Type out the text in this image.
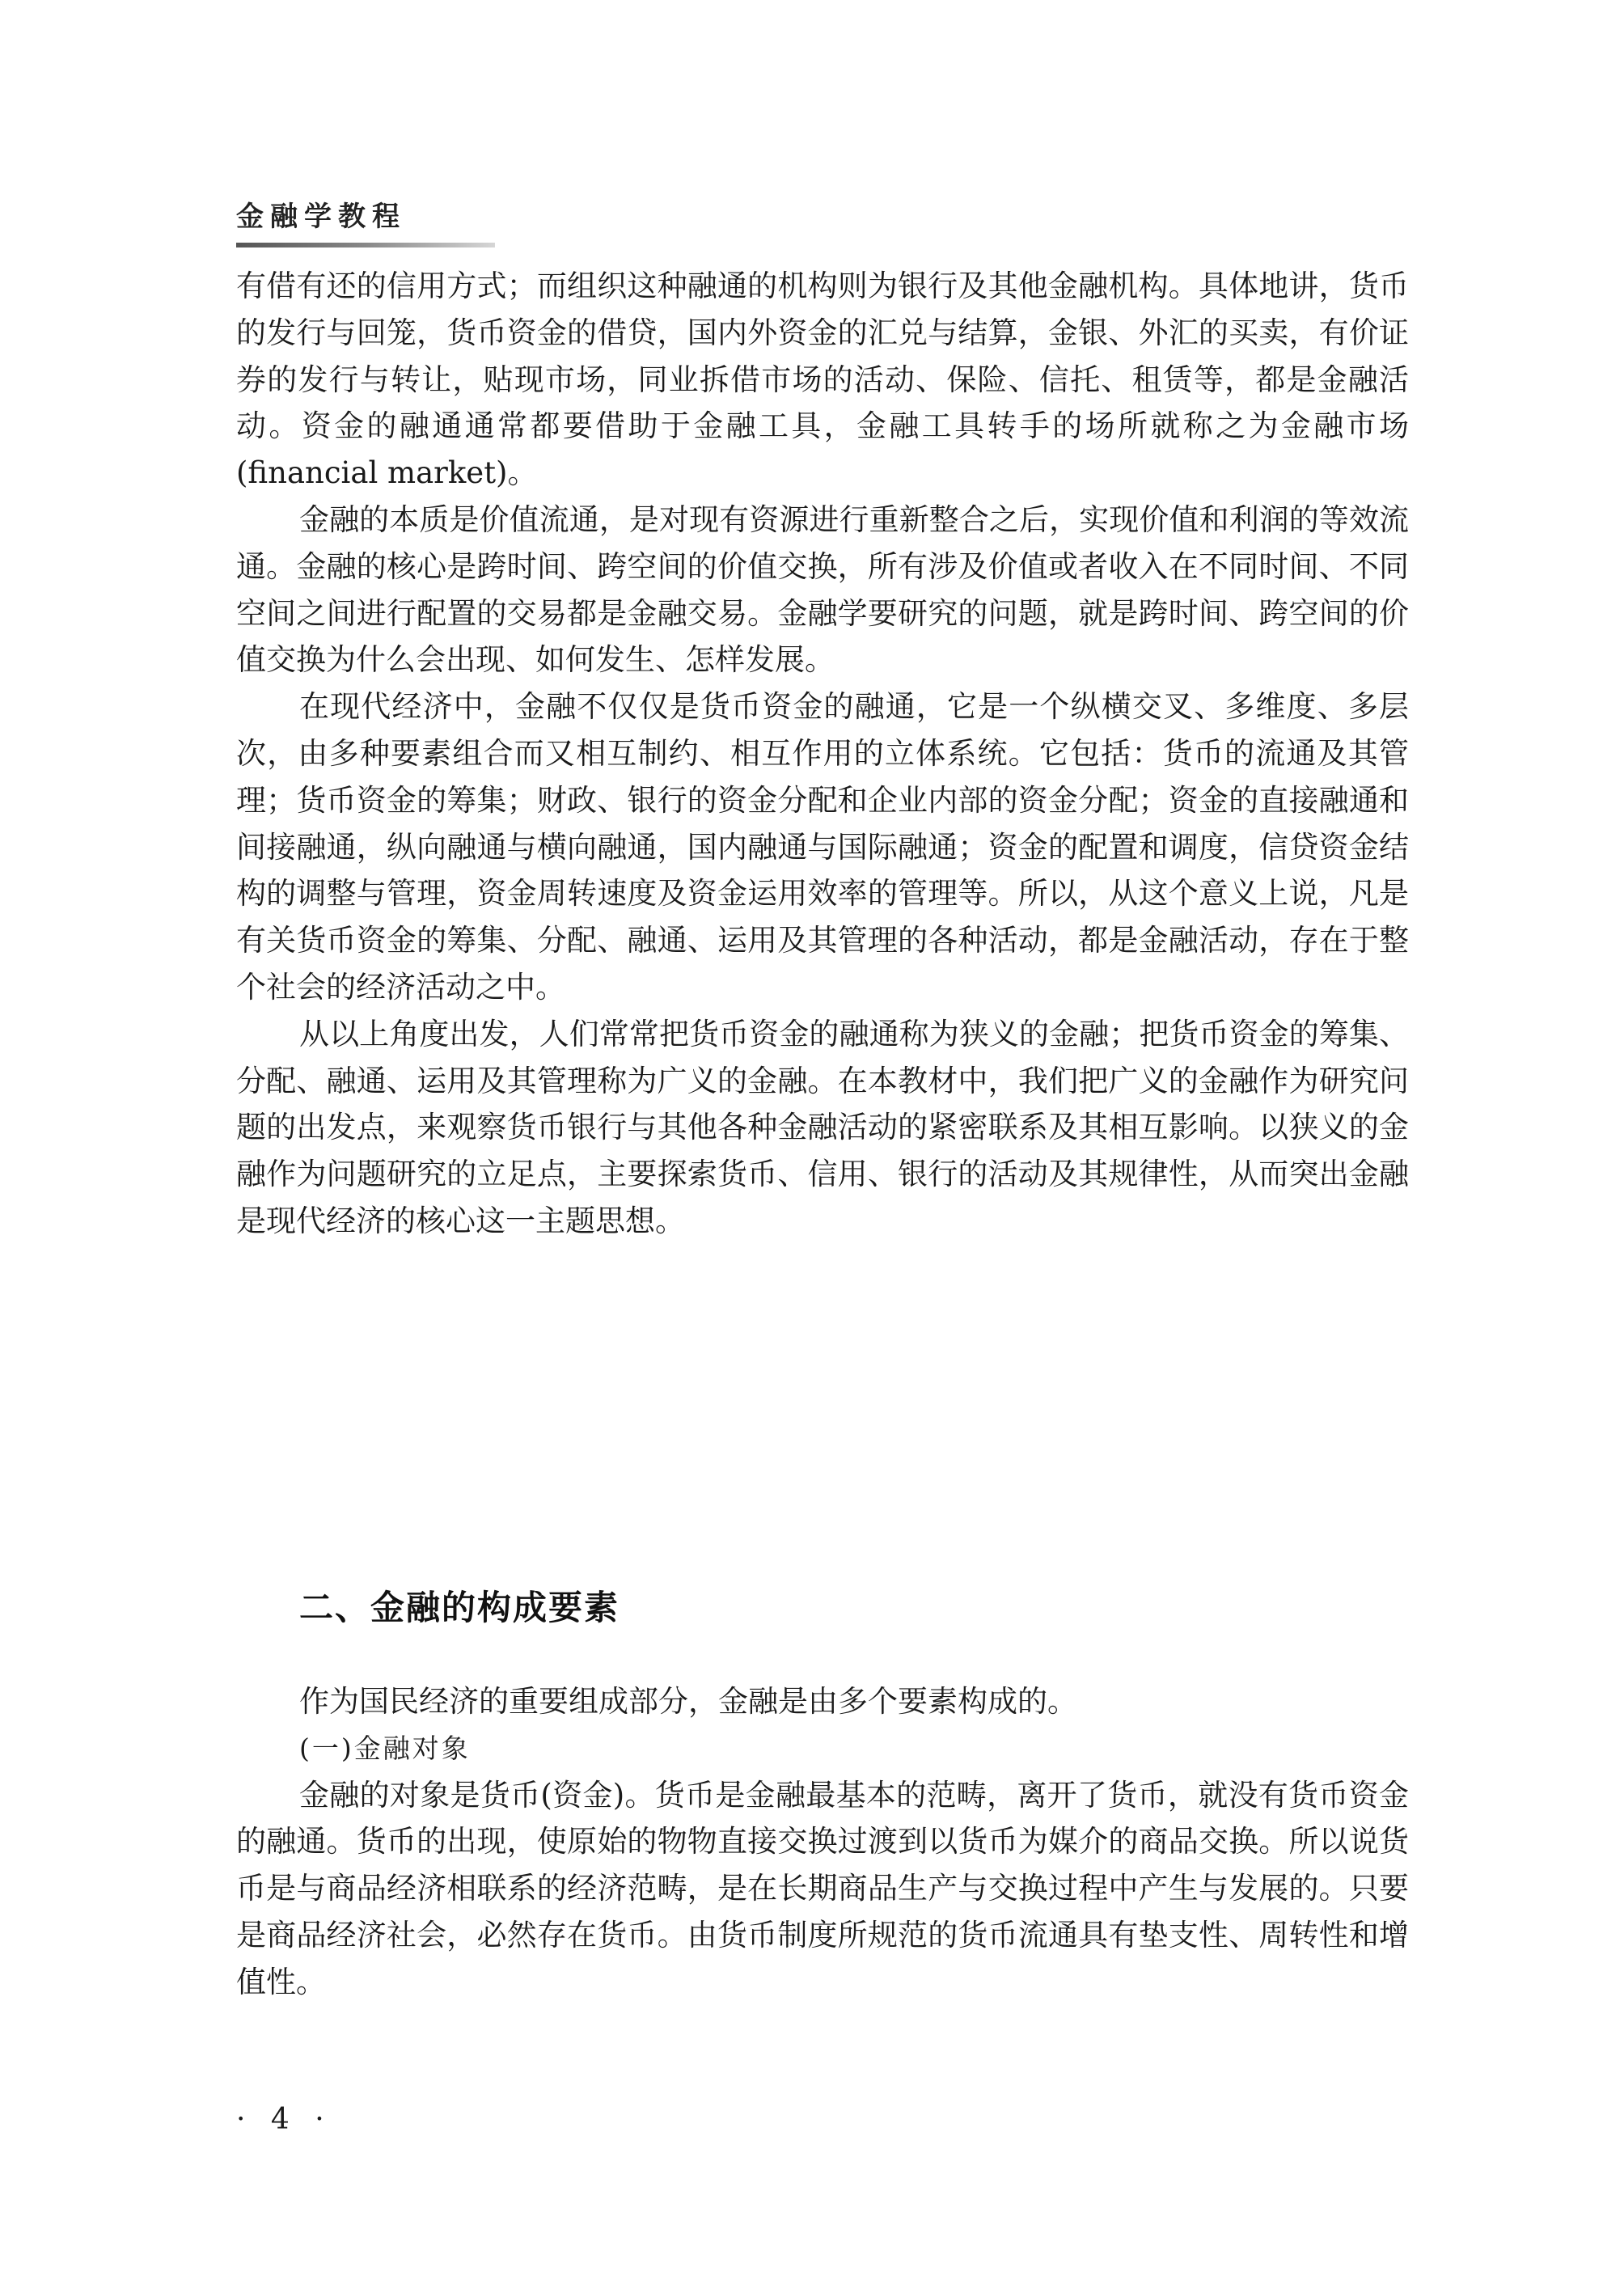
金融学教程

有借有还的信用方式；而组织这种融通的机构则为银行及其他金融机构。具体地讲，货币的发行与回笼，货币资金的借贷，国内外资金的汇兑与结算，金银、外汇的买卖，有价证券的发行与转让，贴现市场，同业拆借市场的活动、保险、信托、租赁等，都是金融活动。资金的融通通常都要借助于金融工具，金融工具转手的场所就称之为金融市场(financial market)。

金融的本质是价值流通，是对现有资源进行重新整合之后，实现价值和利润的等效流通。金融的核心是跨时间、跨空间的价值交换，所有涉及价值或者收入在不同时间、不同空间之间进行配置的交易都是金融交易。金融学要研究的问题，就是跨时间、跨空间的价值交换为什么会出现、如何发生、怎样发展。

在现代经济中，金融不仅仅是货币资金的融通，它是一个纵横交叉、多维度、多层次，由多种要素组合而又相互制约、相互作用的立体系统。它包括：货币的流通及其管理；货币资金的筹集；财政、银行的资金分配和企业内部的资金分配；资金的直接融通和间接融通，纵向融通与横向融通，国内融通与国际融通；资金的配置和调度，信贷资金结构的调整与管理，资金周转速度及资金运用效率的管理等。所以，从这个意义上说，凡是有关货币资金的筹集、分配、融通、运用及其管理的各种活动，都是金融活动，存在于整个社会的经济活动之中。

从以上角度出发，人们常常把货币资金的融通称为狭义的金融；把货币资金的筹集、分配、融通、运用及其管理称为广义的金融。在本教材中，我们把广义的金融作为研究问题的出发点，来观察货币银行与其他各种金融活动的紧密联系及其相互影响。以狭义的金融作为问题研究的立足点，主要探索货币、信用、银行的活动及其规律性，从而突出金融是现代经济的核心这一主题思想。

二、金融的构成要素

作为国民经济的重要组成部分，金融是由多个要素构成的。

(一)金融对象

金融的对象是货币(资金)。货币是金融最基本的范畴，离开了货币，就没有货币资金的融通。货币的出现，使原始的物物直接交换过渡到以货币为媒介的商品交换。所以说货币是与商品经济相联系的经济范畴，是在长期商品生产与交换过程中产生与发展的。只要是商品经济社会，必然存在货币。由货币制度所规范的货币流通具有垫支性、周转性和增值性。

· 4 ·
